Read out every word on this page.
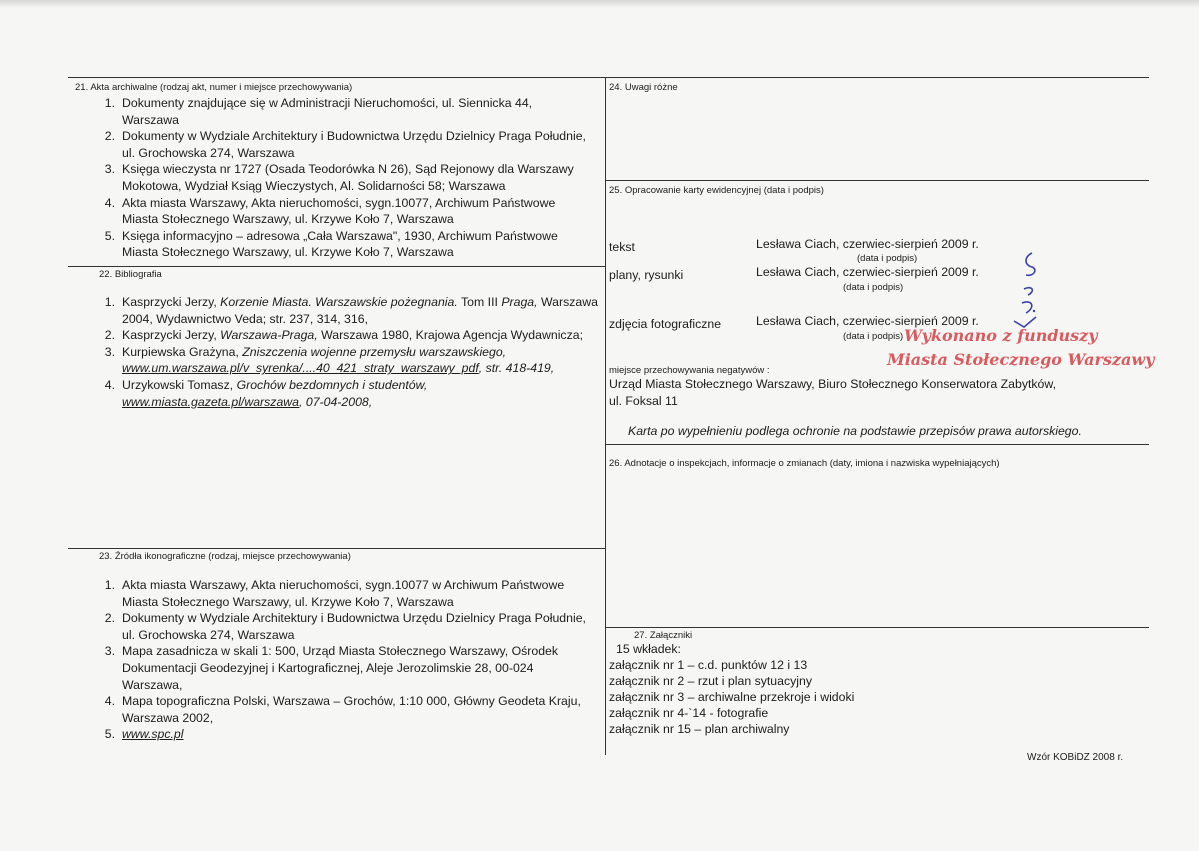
21. Akta archiwalne (rodzaj akt, numer i miejsce przechowywania)
1. Dokumenty znajdujące się w Administracji Nieruchomości, ul. Siennicka 44, Warszawa
2. Dokumenty w Wydziale Architektury i Budownictwa Urzędu Dzielnicy Praga Południe, ul. Grochowska 274, Warszawa
3. Księga wieczysta nr 1727 (Osada Teodorówka N 26), Sąd Rejonowy dla Warszawy Mokotowa, Wydział Ksiąg Wieczystych, Al. Solidarności 58; Warszawa
4. Akta miasta Warszawy, Akta nieruchomości, sygn.10077, Archiwum Państwowe Miasta Stołecznego Warszawy, ul. Krzywe Koło 7, Warszawa
5. Księga informacyjno – adresowa „Cała Warszawa", 1930, Archiwum Państwowe Miasta Stołecznego Warszawy, ul. Krzywe Koło 7, Warszawa
22. Bibliografia
1. Kasprzycki Jerzy, Korzenie Miasta. Warszawskie pożegnania. Tom III Praga, Warszawa 2004, Wydawnictwo Veda; str. 237, 314, 316,
2. Kasprzycki Jerzy, Warszawa-Praga, Warszawa 1980, Krajowa Agencja Wydawnicza;
3. Kurpiewska Grażyna, Zniszczenia wojenne przemysłu warszawskiego,
www.um.warszawa.pl/v_syrenka/....40_421_straty_warszawy_pdf, str. 418-419,
4. Urzykowski Tomasz, Grochów bezdomnych i studentów,
www.miasta.gazeta.pl/warszawa, 07-04-2008,
23. Źródła ikonograficzne (rodzaj, miejsce przechowywania)
1. Akta miasta Warszawy, Akta nieruchomości, sygn.10077 w Archiwum Państwowe Miasta Stołecznego Warszawy, ul. Krzywe Koło 7, Warszawa
2. Dokumenty w Wydziale Architektury i Budownictwa Urzędu Dzielnicy Praga Południe, ul. Grochowska 274, Warszawa
3. Mapa zasadnicza w skali 1: 500, Urząd Miasta Stołecznego Warszawy, Ośrodek Dokumentacji Geodezyjnej i Kartograficznej, Aleje Jerozolimskie 28, 00-024 Warszawa,
4. Mapa topograficzna Polski, Warszawa – Grochów, 1:10 000, Główny Geodeta Kraju, Warszawa 2002,
5. www.spc.pl
24. Uwagi różne
25. Opracowanie karty ewidencyjnej (data i podpis)
tekst	Lesława Ciach, czerwiec-sierpień 2009 r.
(data i podpis)
plany, rysunki	Lesława Ciach, czerwiec-sierpień 2009 r.
(data i podpis)
zdjęcia fotograficzne	Lesława Ciach, czerwiec-sierpień 2009 r.
(data i podpis) Wykonano z funduszy
Miasta Stołecznego Warszawy
miejsce przechowywania negatywów :
Urząd Miasta Stołecznego Warszawy, Biuro Stołecznego Konserwatora Zabytków,
ul. Foksal 11
Karta po wypełnieniu podlega ochronie na podstawie przepisów prawa autorskiego.
26. Adnotacje o inspekcjach, informacje o zmianach (daty, imiona i nazwiska wypełniających)
27. Załączniki
15 wkładek:
załącznik nr 1 – c.d. punktów 12 i 13
załącznik nr 2 – rzut i plan sytuacyjny
załącznik nr 3 – archiwalne przekroje i widoki
załącznik nr 4-`14 - fotografie
załącznik nr 15 – plan archiwalny
Wzór KOBiDZ 2008 r.
